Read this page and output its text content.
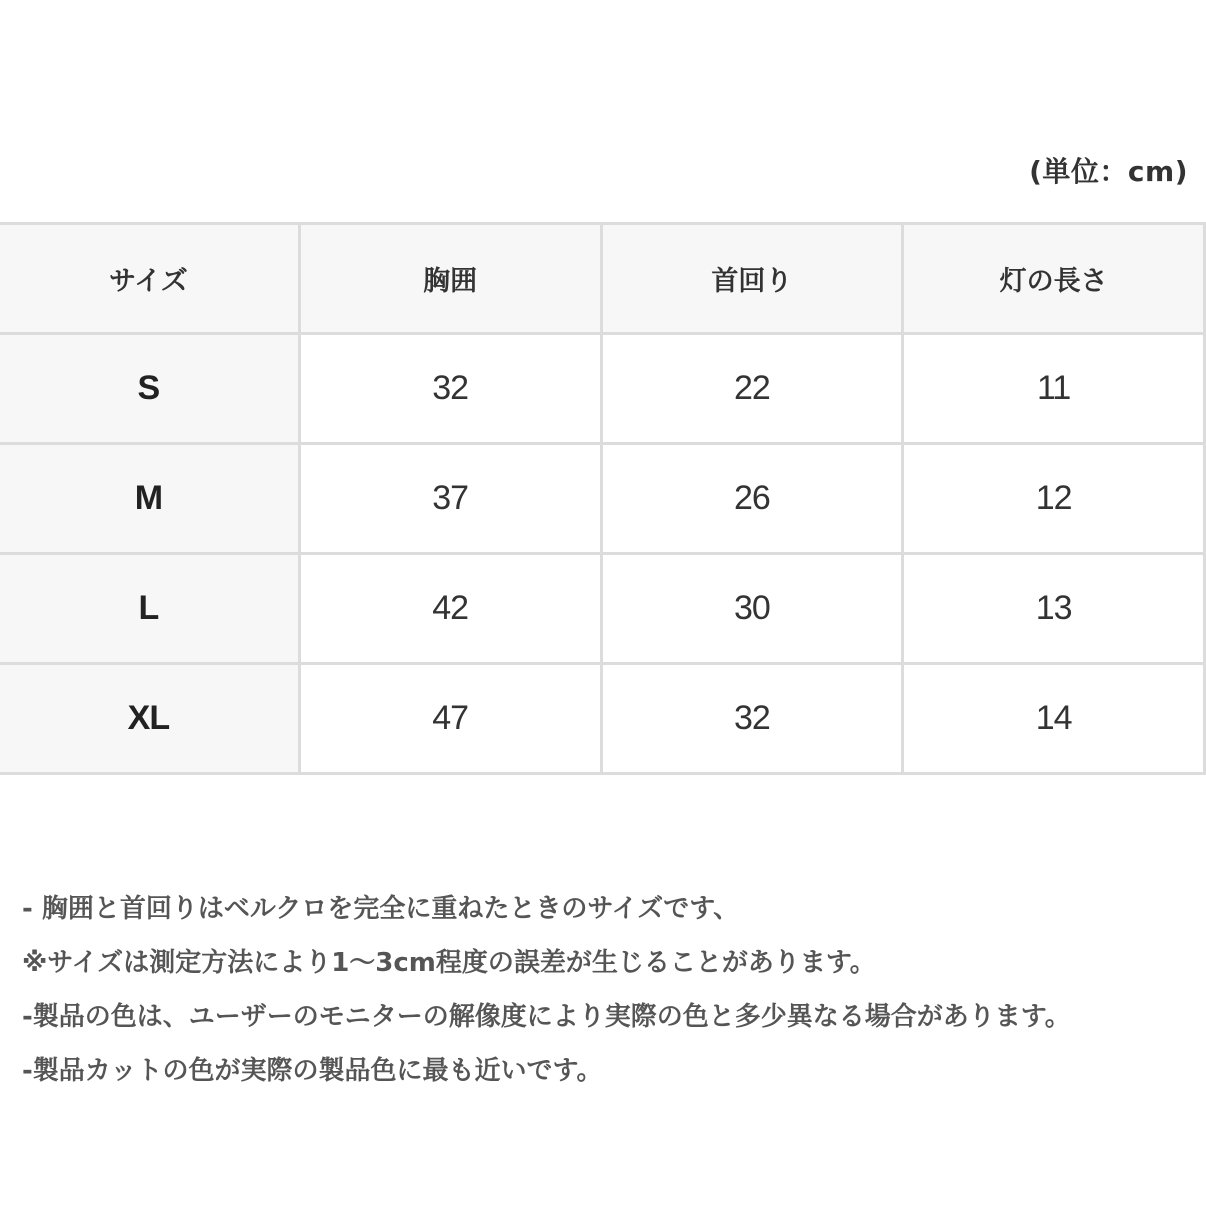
(単位：cm)
サイズ	胸囲	首回り	灯の長さ
S	32	22	11
M	37	26	12
L	42	30	13
XL	47	32	14
- 胸囲と首回りはベルクロを完全に重ねたときのサイズです、
※サイズは測定方法により1～3cm程度の誤差が生じることがあります。
-製品の色は、ユーザーのモニターの解像度により実際の色と多少異なる場合があります。
-製品カットの色が実際の製品色に最も近いです。
